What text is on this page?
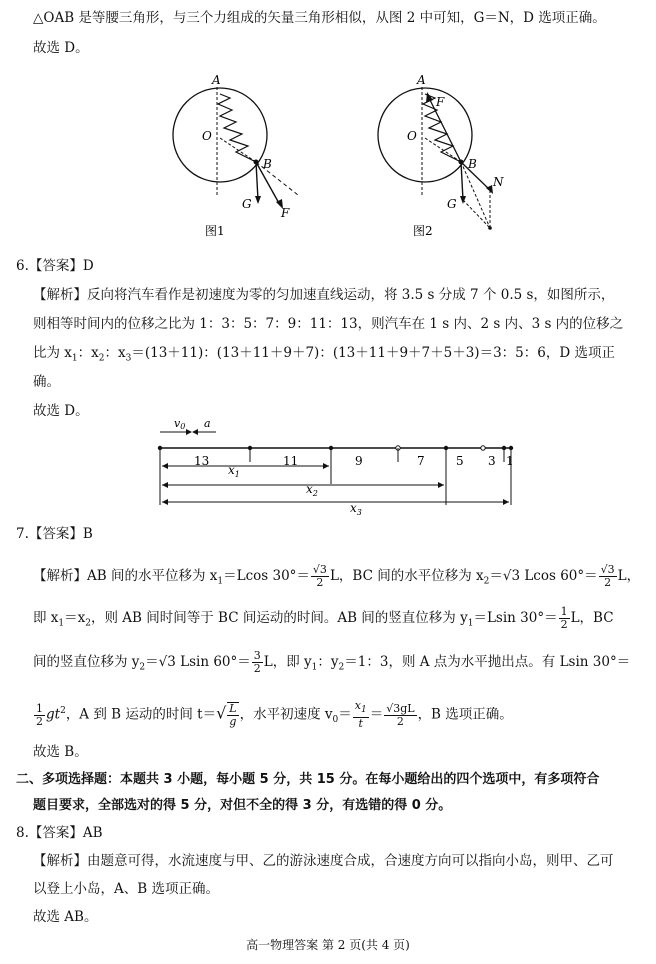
△OAB 是等腰三角形，与三个力组成的矢量三角形相似，从图 2 中可知，G＝N，D 选项正确。
故选 D。
A
O
B
G
F
图1
A
F
O
B
N
G
图2
6.【答案】D
【解析】反向将汽车看作是初速度为零的匀加速直线运动，将 3.5 s 分成 7 个 0.5 s，如图所示，
则相等时间内的位移之比为 1：3：5：7：9：11：13，则汽车在 1 s 内、2 s 内、3 s 内的位移之
比为 $x_1$：$x_2$：$x_3=(13+11)$：(13＋11＋9＋7)：(13＋11＋9＋7＋5＋3)＝3：5：6，D 选项正
确。
故选 D。
v0 a
13	11	9	7	5 3 1
$x_1$
$x_2$
$x_3$
7.【答案】B
【解析】AB 间的水平位移为 $x_1=Lcos$ $30^\circ= \frac{√3}{2}$ L，BC 间的水平位移为 $x_2=√3$ Lcos $60^\circ= \frac{√3}{2}$ L，
即 $x_1=x_2$，则 AB 间时间等于 BC 间运动的时间。AB 间的竖直位移为 $y_1=Lsin$ $30^\circ= \frac{1}{2}$ L，BC
间的竖直位移为 $y_2=√3$ Lsin $60^\circ= \frac{3}{2}$ L，即 $y_1$：$y_2=1$：3，则 A 点为水平抛出点。有 Lsin 30°＝
$\frac{1}{2} gt^2$，A 到 B 运动的时间 $t=√ \frac{L}{g}$ ，水平初速度 $v_0= \frac{x_1}{t} = \frac{√3gL}{2}$ ，B 选项正确。
故选 B。
二、多项选择题：本题共 3 小题，每小题 5 分，共 15 分。在每小题给出的四个选项中，有多项符合
题目要求，全部选对的得 5 分，对但不全的得 3 分，有选错的得 0 分。
8.【答案】AB
【解析】由题意可得，水流速度与甲、乙的游泳速度合成，合速度方向可以指向小岛，则甲、乙可
以登上小岛，A、B 选项正确。
故选 AB。
高一物理答案 第 2 页(共 4 页)
